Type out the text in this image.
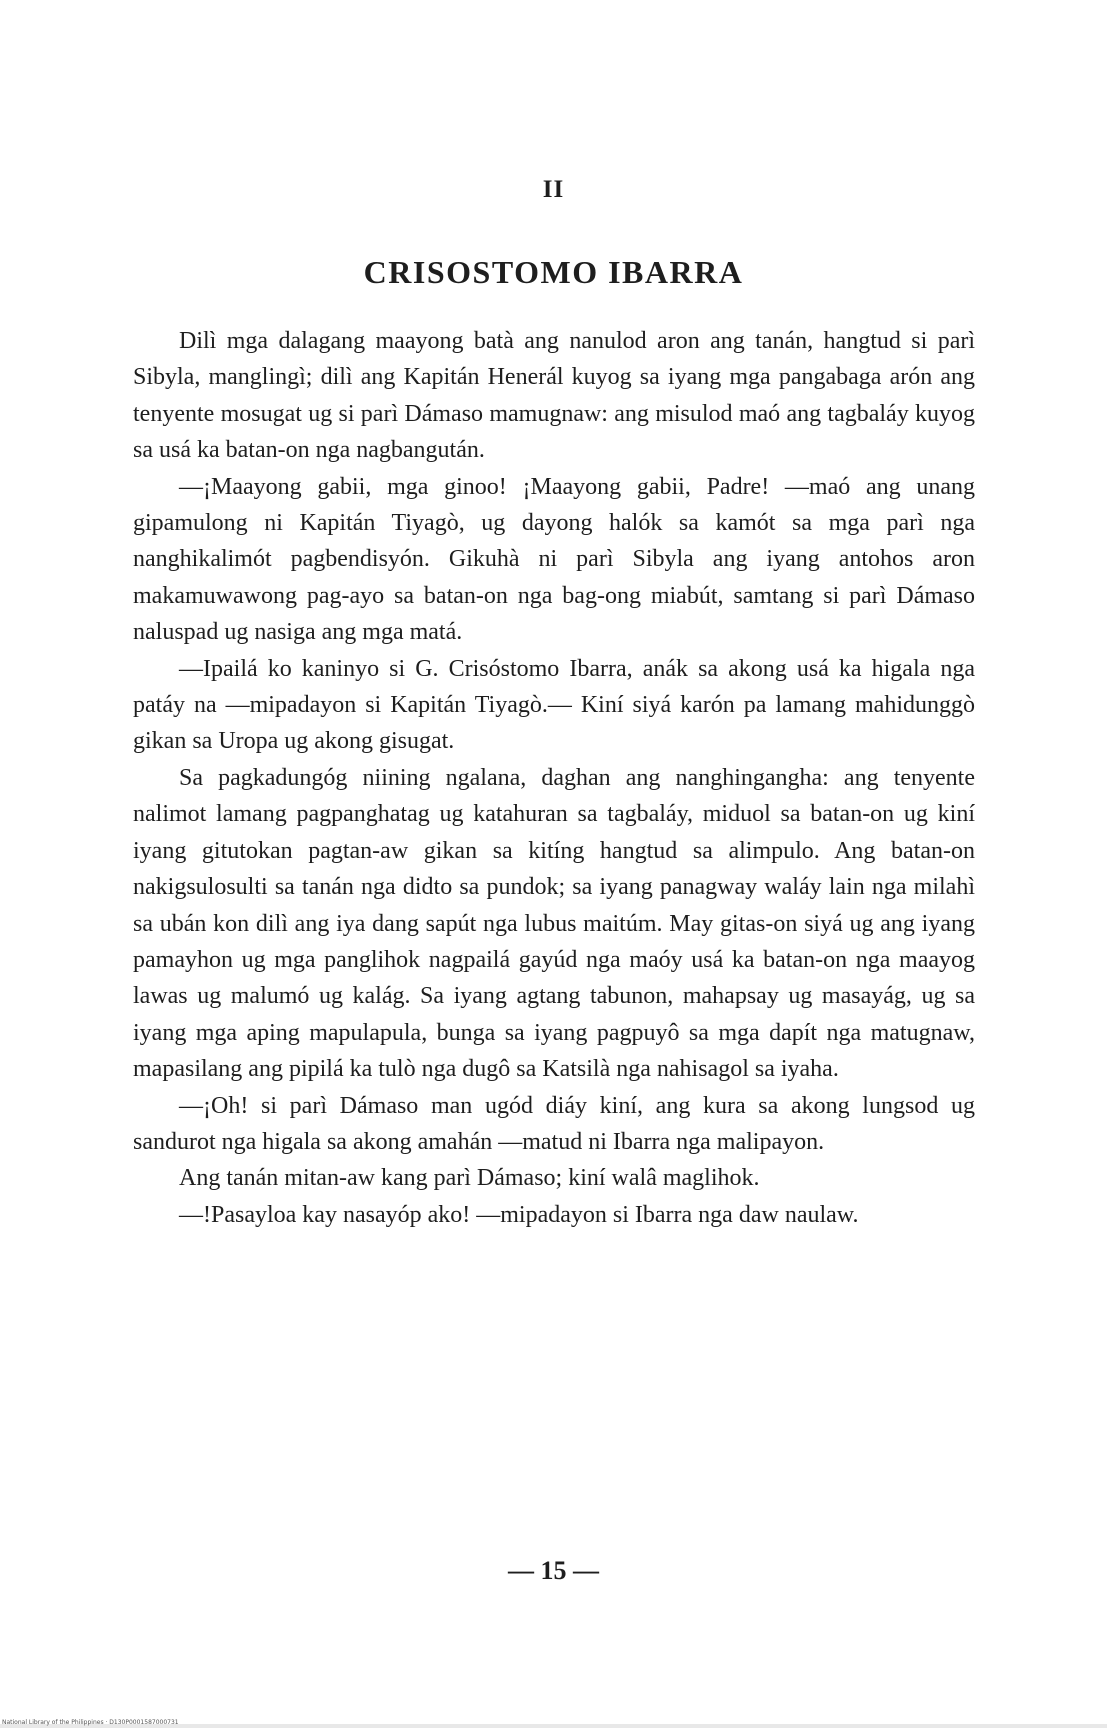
II
CRISOSTOMO IBARRA

Dilì mga dalagang maayong batà ang nanulod aron ang tanán, hangtud si parì Sibyla, manglingì; dilì ang Kapitán Henerál kuyog sa iyang mga pangabaga arón ang tenyente mosugat ug si parì Dámaso mamugnaw: ang misulod maó ang tagbaláy kuyog sa usá ka batan-on nga nagbangután.

—¡Maayong gabii, mga ginoo! ¡Maayong gabii, Padre! —maó ang unang gipamulong ni Kapitán Tiyagò, ug dayong halók sa kamót sa mga parì nga nanghikalimót pagbendisyón. Gikuhà ni parì Sibyla ang iyang antohos aron makamuwawong pag-ayo sa batan-on nga bag-ong miabút, samtang si parì Dámaso naluspad ug nasiga ang mga matá.

—Ipailá ko kaninyo si G. Crisóstomo Ibarra, anák sa akong usá ka higala nga patáy na —mipadayon si Kapitán Tiyagò.— Kiní siyá karón pa lamang mahidunggò gikan sa Uropa ug akong gisugat.

Sa pagkadungóg niining ngalana, daghan ang nanghingangha: ang tenyente nalimot lamang pagpanghatag ug katahuran sa tagbaláy, miduol sa batan-on ug kiní iyang gitutokan pagtan-aw gikan sa kitíng hangtud sa alimpulo. Ang batan-on nakigsulosulti sa tanán nga didto sa pundok; sa iyang panagway waláy lain nga milahì sa ubán kon dilì ang iya dang sapút nga lubus maitúm. May gitas-on siyá ug ang iyang pamayhon ug mga panglihok nagpailá gayúd nga maóy usá ka batan-on nga maayog lawas ug malumó ug kalág. Sa iyang agtang tabunon, mahapsay ug masayág, ug sa iyang mga aping mapulapula, bunga sa iyang pagpuyô sa mga dapít nga matugnaw, mapasilang ang pipilá ka tulò nga dugô sa Katsilà nga nahisagol sa iyaha.

—¡Oh! si parì Dámaso man ugód diáy kiní, ang kura sa akong lungsod ug sandurot nga higala sa akong amahán —matud ni Ibarra nga malipayon.

Ang tanán mitan-aw kang parì Dámaso; kiní walâ maglihok.

—!Pasayloa kay nasayóp ako! —mipadayon si Ibarra nga daw naulaw.

— 15 —
National Library of the Philippines · D130P0001587000731
